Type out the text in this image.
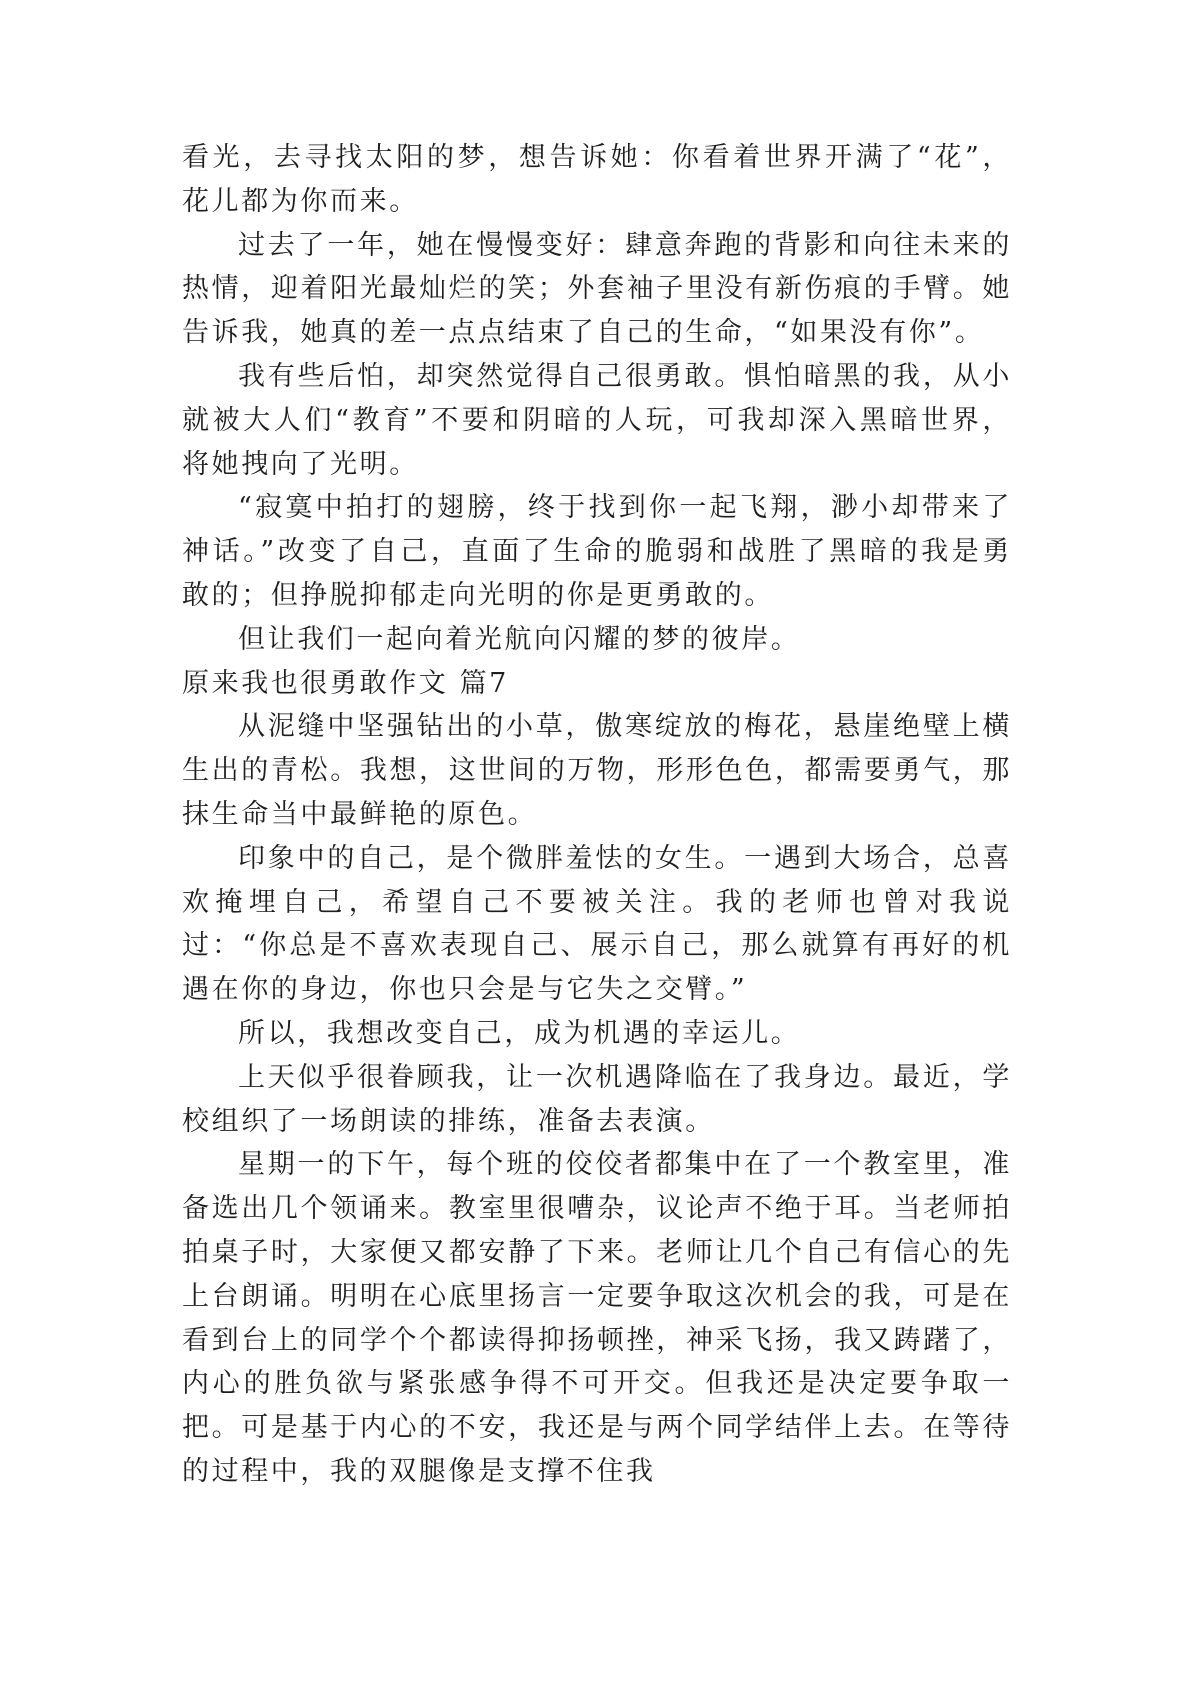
看光，去寻找太阳的梦，想告诉她：你看着世界开满了“花”，花儿都为你而来。

过去了一年，她在慢慢变好：肆意奔跑的背影和向往未来的热情，迎着阳光最灿烂的笑；外套袖子里没有新伤痕的手臂。她告诉我，她真的差一点点结束了自己的生命，“如果没有你”。

我有些后怕，却突然觉得自己很勇敢。惧怕暗黑的我，从小就被大人们“教育”不要和阴暗的人玩，可我却深入黑暗世界，将她拽向了光明。

“寂寞中拍打的翅膀，终于找到你一起飞翔，渺小却带来了神话。”改变了自己，直面了生命的脆弱和战胜了黑暗的我是勇敢的；但挣脱抑郁走向光明的你是更勇敢的。

但让我们一起向着光航向闪耀的梦的彼岸。

原来我也很勇敢作文 篇7

从泥缝中坚强钻出的小草，傲寒绽放的梅花，悬崖绝壁上横生出的青松。我想，这世间的万物，形形色色，都需要勇气，那抹生命当中最鲜艳的原色。

印象中的自己，是个微胖羞怯的女生。一遇到大场合，总喜欢掩埋自己，希望自己不要被关注。我的老师也曾对我说过：“你总是不喜欢表现自己、展示自己，那么就算有再好的机遇在你的身边，你也只会是与它失之交臂。”

所以，我想改变自己，成为机遇的幸运儿。

上天似乎很眷顾我，让一次机遇降临在了我身边。最近，学校组织了一场朗读的排练，准备去表演。

星期一的下午，每个班的佼佼者都集中在了一个教室里，准备选出几个领诵来。教室里很嘈杂，议论声不绝于耳。当老师拍拍桌子时，大家便又都安静了下来。老师让几个自己有信心的先上台朗诵。明明在心底里扬言一定要争取这次机会的我，可是在看到台上的同学个个都读得抑扬顿挫，神采飞扬，我又踌躇了，内心的胜负欲与紧张感争得不可开交。但我还是决定要争取一把。可是基于内心的不安，我还是与两个同学结伴上去。在等待的过程中，我的双腿像是支撑不住我
